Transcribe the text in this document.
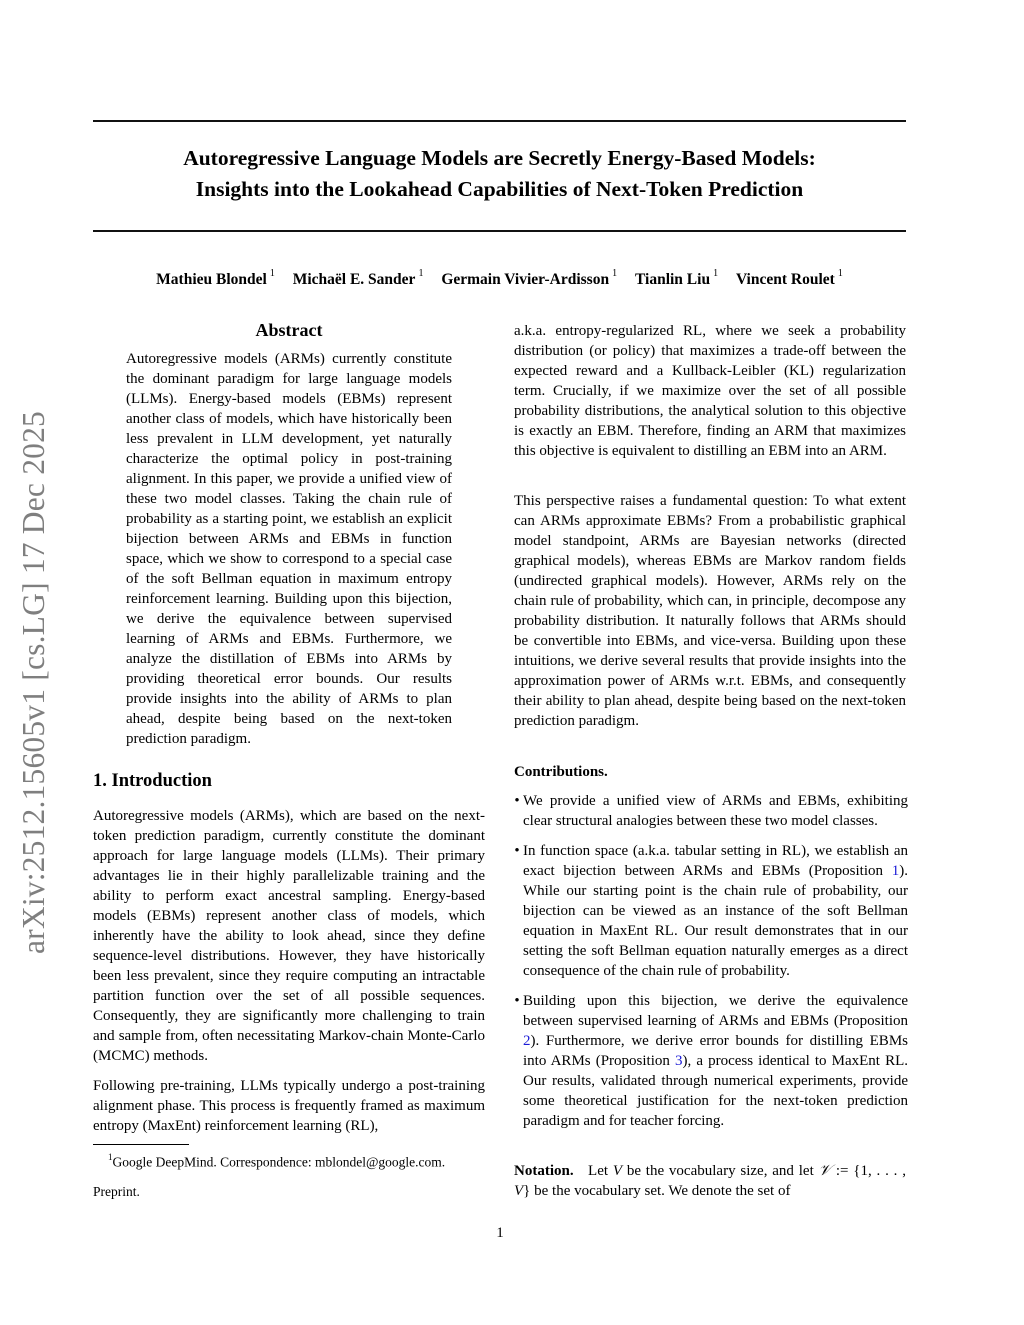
arXiv:2512.15605v1 [cs.LG] 17 Dec 2025
Autoregressive Language Models are Secretly Energy-Based Models:
Insights into the Lookahead Capabilities of Next-Token Prediction
Mathieu Blondel $^1$ Michaël E. Sander $^1$ Germain Vivier-Ardisson $^1$ Tianlin Liu $^1$ Vincent Roulet $^1$
Abstract

Autoregressive models (ARMs) currently constitute the dominant paradigm for large language models (LLMs). Energy-based models (EBMs) represent another class of models, which have historically been less prevalent in LLM development, yet naturally characterize the optimal policy in post-training alignment. In this paper, we provide a unified view of these two model classes. Taking the chain rule of probability as a starting point, we establish an explicit bijection between ARMs and EBMs in function space, which we show to correspond to a special case of the soft Bellman equation in maximum entropy reinforcement learning. Building upon this bijection, we derive the equivalence between supervised learning of ARMs and EBMs. Furthermore, we analyze the distillation of EBMs into ARMs by providing theoretical error bounds. Our results provide insights into the ability of ARMs to plan ahead, despite being based on the next-token prediction paradigm.

1. Introduction

Autoregressive models (ARMs), which are based on the next-token prediction paradigm, currently constitute the dominant approach for large language models (LLMs). Their primary advantages lie in their highly parallelizable training and the ability to perform exact ancestral sampling. Energy-based models (EBMs) represent another class of models, which inherently have the ability to look ahead, since they define sequence-level distributions. However, they have historically been less prevalent, since they require computing an intractable partition function over the set of all possible sequences. Consequently, they are significantly more challenging to train and sample from, often necessitating Markov-chain Monte-Carlo (MCMC) methods.

Following pre-training, LLMs typically undergo a post-training alignment phase. This process is frequently framed as maximum entropy (MaxEnt) reinforcement learning (RL),

$^1$Google DeepMind. Correspondence: mblondel@google.com.
Preprint.

a.k.a. entropy-regularized RL, where we seek a probability distribution (or policy) that maximizes a trade-off between the expected reward and a Kullback-Leibler (KL) regularization term. Crucially, if we maximize over the set of all possible probability distributions, the analytical solution to this objective is exactly an EBM. Therefore, finding an ARM that maximizes this objective is equivalent to distilling an EBM into an ARM.

This perspective raises a fundamental question: To what extent can ARMs approximate EBMs? From a probabilistic graphical model standpoint, ARMs are Bayesian networks (directed graphical models), whereas EBMs are Markov random fields (undirected graphical models). However, ARMs rely on the chain rule of probability, which can, in principle, decompose any probability distribution. It naturally follows that ARMs should be convertible into EBMs, and vice-versa. Building upon these intuitions, we derive several results that provide insights into the approximation power of ARMs w.r.t. EBMs, and consequently their ability to plan ahead, despite being based on the next-token prediction paradigm.

Contributions.
• We provide a unified view of ARMs and EBMs, exhibiting clear structural analogies between these two model classes.

• In function space (a.k.a. tabular setting in RL), we establish an exact bijection between ARMs and EBMs (Proposition 1). While our starting point is the chain rule of probability, our bijection can be viewed as an instance of the soft Bellman equation in MaxEnt RL. Our result demonstrates that in our setting the soft Bellman equation naturally emerges as a direct consequence of the chain rule of probability.

• Building upon this bijection, we derive the equivalence between supervised learning of ARMs and EBMs (Proposition 2). Furthermore, we derive error bounds for distilling EBMs into ARMs (Proposition 3), a process identical to MaxEnt RL. Our results, validated through numerical experiments, provide some theoretical justification for the next-token prediction paradigm and for teacher forcing.

Notation. Let V be the vocabulary size, and let 𝒱 := {1, . . . , V} be the vocabulary set. We denote the set of

1
